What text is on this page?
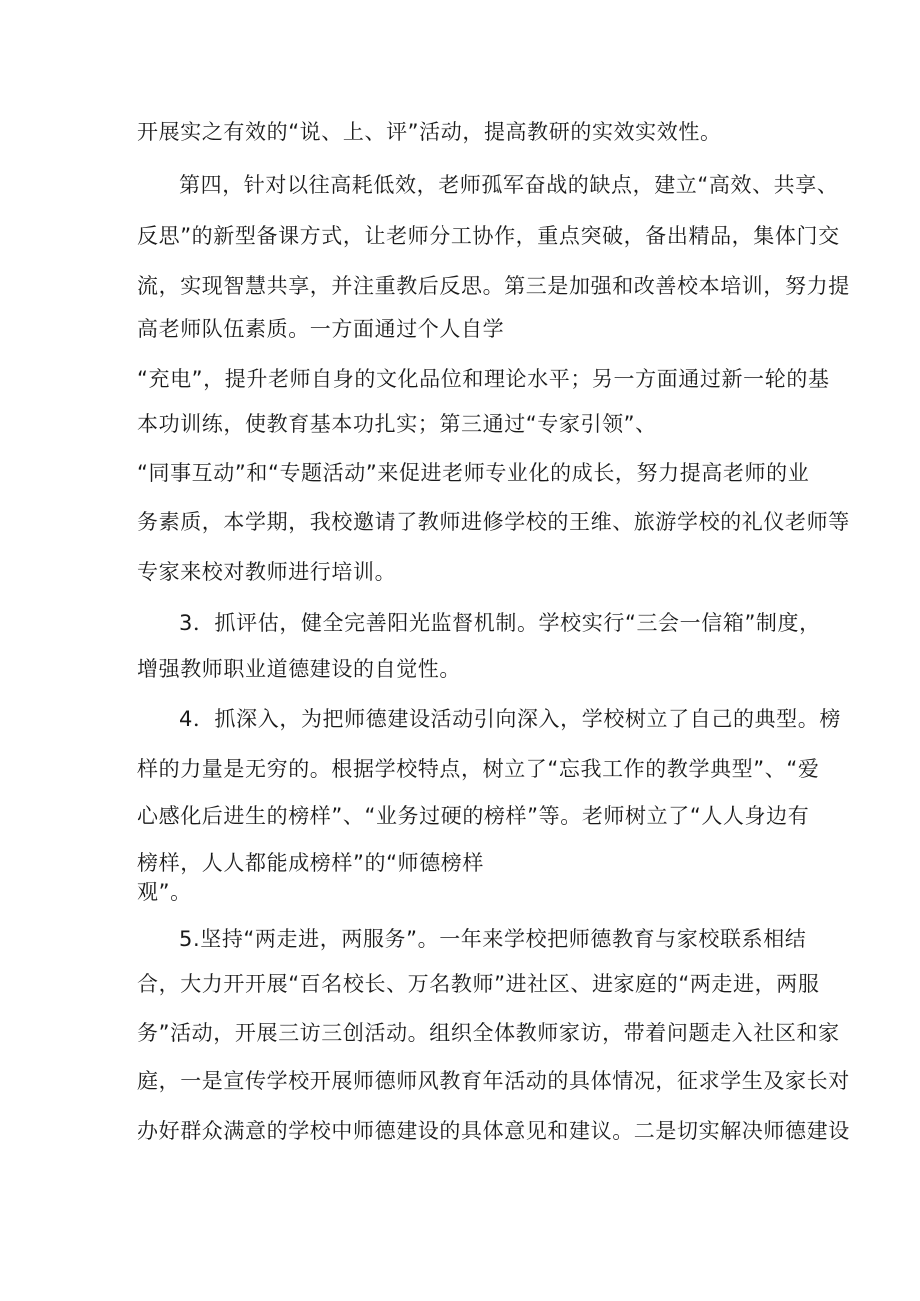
开展实之有效的“说、上、评”活动，提高教研的实效实效性。
第四，针对以往高耗低效，老师孤军奋战的缺点，建立“高效、共享、
反思”的新型备课方式，让老师分工协作，重点突破，备出精品，集体门交
流，实现智慧共享，并注重教后反思。第三是加强和改善校本培训，努力提
高老师队伍素质。一方面通过个人自学
“充电”，提升老师自身的文化品位和理论水平；另一方面通过新一轮的基
本功训练，使教育基本功扎实；第三通过“专家引领”、
“同事互动”和“专题活动”来促进老师专业化的成长，努力提高老师的业
务素质，本学期，我校邀请了教师进修学校的王维、旅游学校的礼仪老师等
专家来校对教师进行培训。
3．抓评估，健全完善阳光监督机制。学校实行“三会一信箱”制度，
增强教师职业道德建设的自觉性。
4．抓深入，为把师德建设活动引向深入，学校树立了自己的典型。榜
样的力量是无穷的。根据学校特点，树立了“忘我工作的教学典型”、“爱
心感化后进生的榜样”、“业务过硬的榜样”等。老师树立了“人人身边有
榜样，人人都能成榜样”的“师德榜样
观”。
5.坚持“两走进，两服务”。一年来学校把师德教育与家校联系相结
合，大力开开展“百名校长、万名教师”进社区、进家庭的“两走进，两服
务”活动，开展三访三创活动。组织全体教师家访，带着问题走入社区和家
庭，一是宣传学校开展师德师风教育年活动的具体情况，征求学生及家长对
办好群众满意的学校中师德建设的具体意见和建议。二是切实解决师德建设
